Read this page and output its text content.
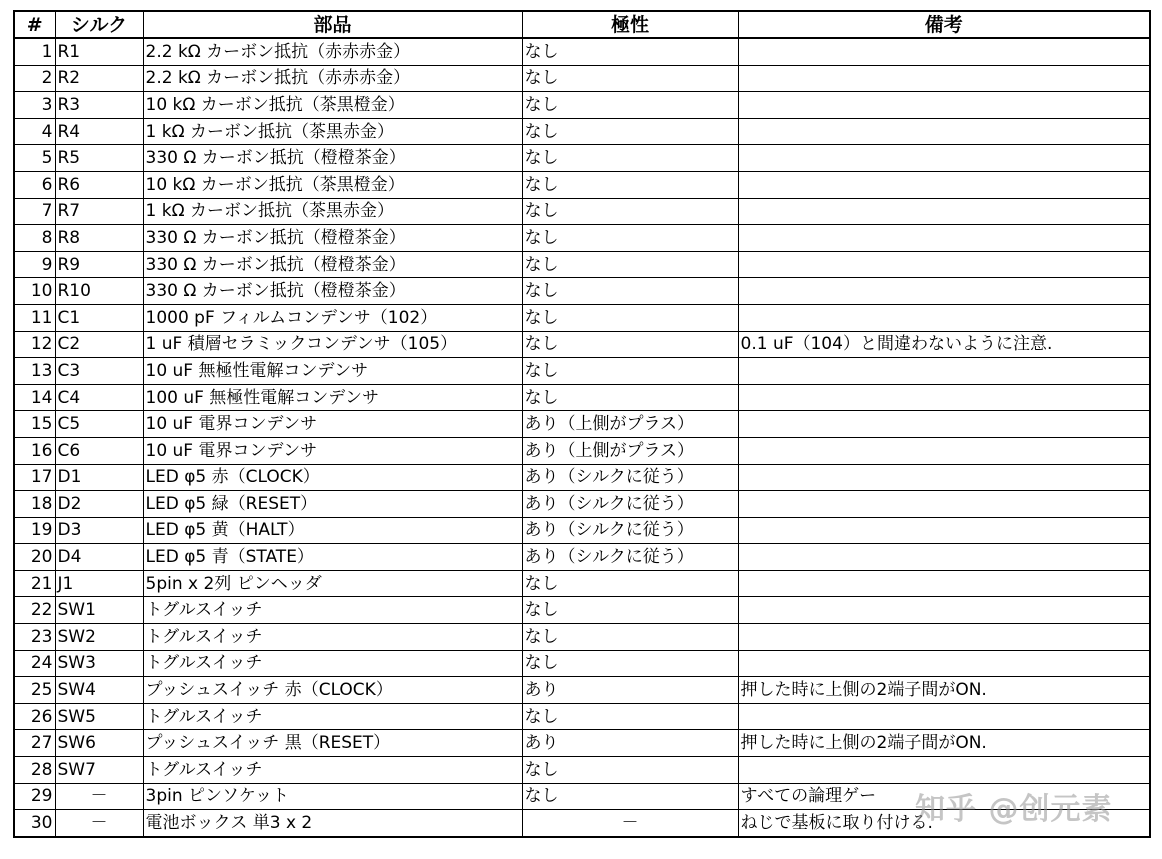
#	シルク	部品	極性	備考
1	R1	2.2 kΩ カーボン抵抗（赤赤赤金）	なし	
2	R2	2.2 kΩ カーボン抵抗（赤赤赤金）	なし	
3	R3	10 kΩ カーボン抵抗（茶黒橙金）	なし	
4	R4	1 kΩ カーボン抵抗（茶黒赤金）	なし	
5	R5	330 Ω カーボン抵抗（橙橙茶金）	なし	
6	R6	10 kΩ カーボン抵抗（茶黒橙金）	なし	
7	R7	1 kΩ カーボン抵抗（茶黒赤金）	なし	
8	R8	330 Ω カーボン抵抗（橙橙茶金）	なし	
9	R9	330 Ω カーボン抵抗（橙橙茶金）	なし	
10	R10	330 Ω カーボン抵抗（橙橙茶金）	なし	
11	C1	1000 pF フィルムコンデンサ（102）	なし	
12	C2	1 uF 積層セラミックコンデンサ（105）	なし	0.1 uF（104）と間違わないように注意.
13	C3	10 uF 無極性電解コンデンサ	なし	
14	C4	100 uF 無極性電解コンデンサ	なし	
15	C5	10 uF 電界コンデンサ	あり（上側がプラス）	
16	C6	10 uF 電界コンデンサ	あり（上側がプラス）	
17	D1	LED φ5 赤（CLOCK）	あり（シルクに従う）	
18	D2	LED φ5 緑（RESET）	あり（シルクに従う）	
19	D3	LED φ5 黄（HALT）	あり（シルクに従う）	
20	D4	LED φ5 青（STATE）	あり（シルクに従う）	
21	J1	5pin x 2列 ピンヘッダ	なし	
22	SW1	トグルスイッチ	なし	
23	SW2	トグルスイッチ	なし	
24	SW3	トグルスイッチ	なし	
25	SW4	プッシュスイッチ 赤（CLOCK）	あり	押した時に上側の2端子間がON.
26	SW5	トグルスイッチ	なし	
27	SW6	プッシュスイッチ 黒（RESET）	あり	押した時に上側の2端子間がON.
28	SW7	トグルスイッチ	なし	
29	－	3pin ピンソケット	なし	すべての論理ゲー
30	－	電池ボックス 単3 x 2	－	ねじで基板に取り付ける.
知乎 @创元素
